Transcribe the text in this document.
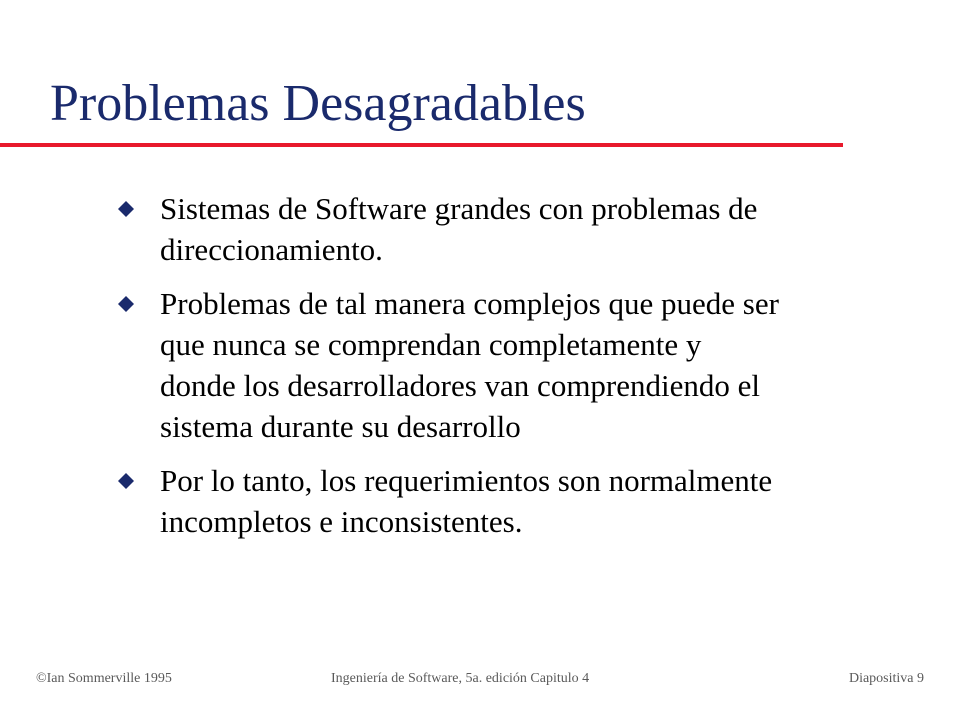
Problemas Desagradables
Sistemas de Software grandes con problemas de
direccionamiento.
Problemas de tal manera complejos que puede ser
que nunca se comprendan completamente y
donde los desarrolladores van comprendiendo el
sistema durante su desarrollo
Por lo tanto, los requerimientos son normalmente
incompletos e inconsistentes.
©Ian Sommerville 1995	Ingeniería de Software, 5a. edición Capitulo 4	Diapositiva 9
